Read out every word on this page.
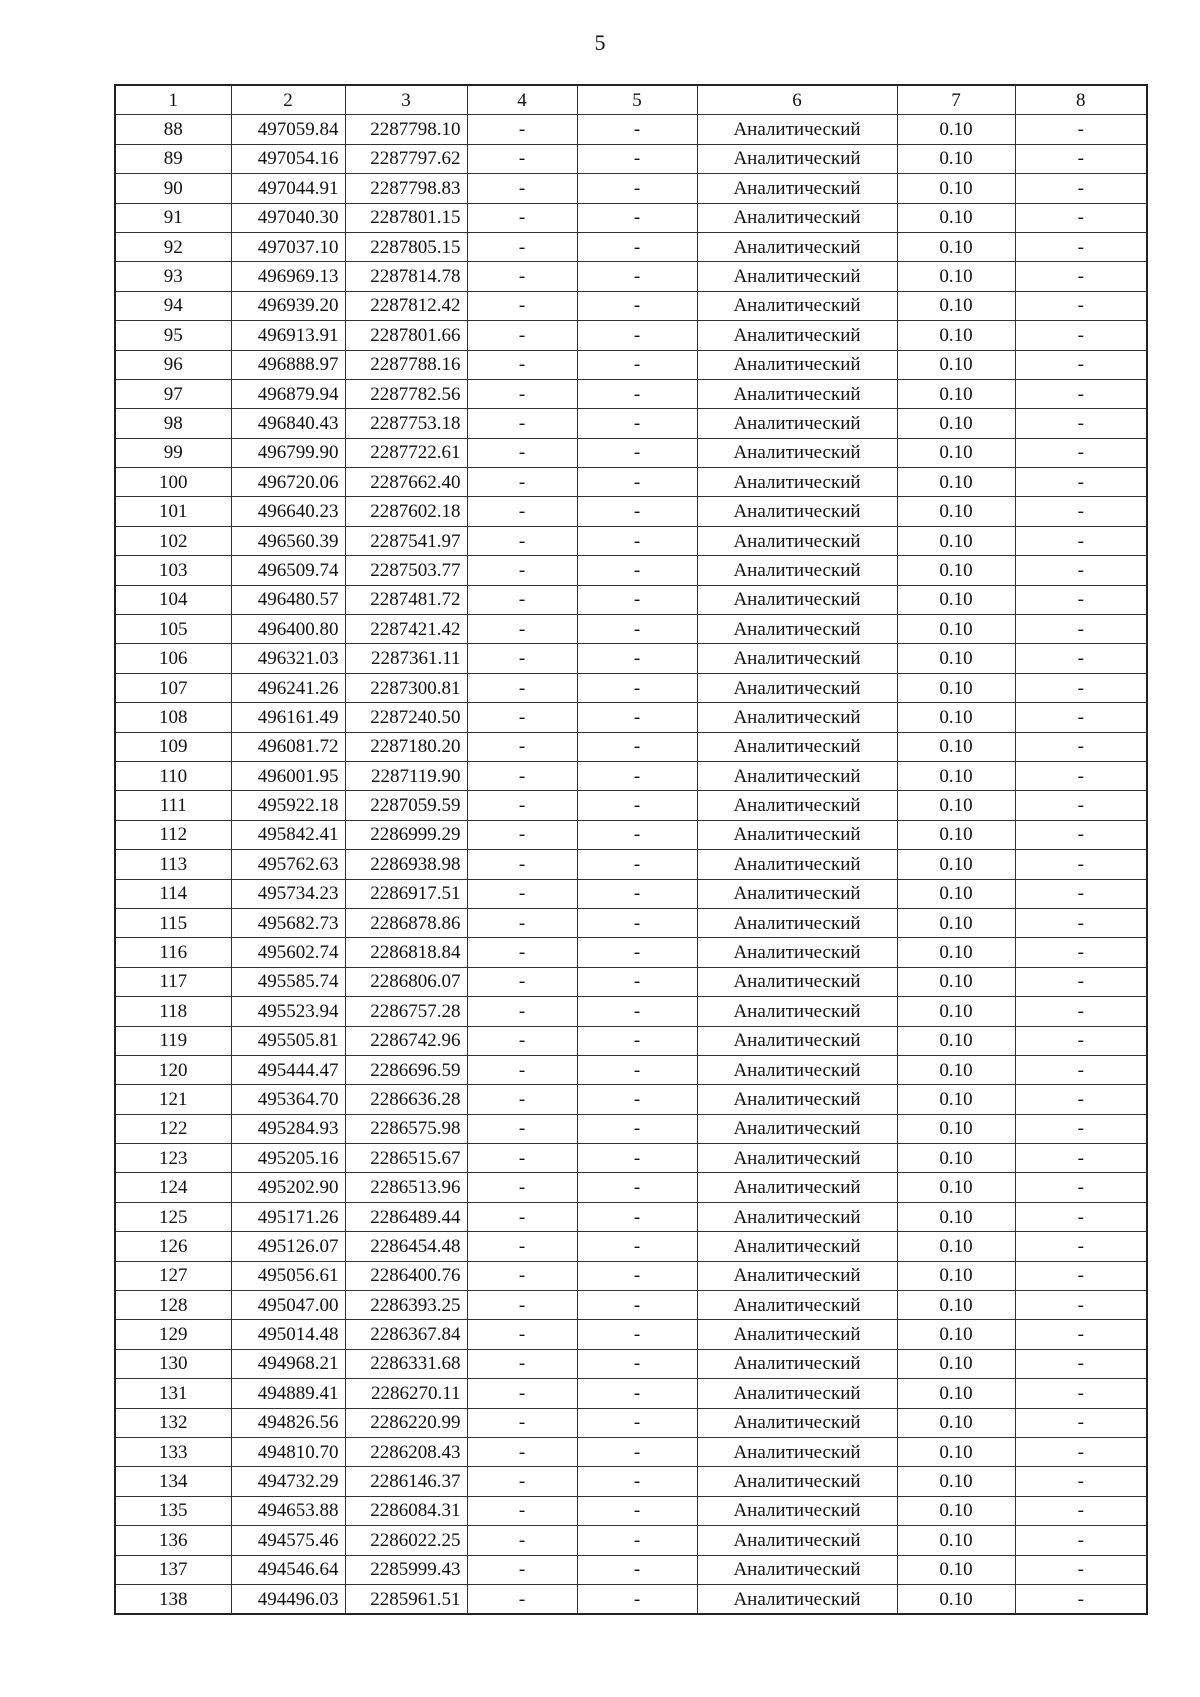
5
1	2	3	4	5	6	7	8
88	497059.84	2287798.10	-	-	Аналитический	0.10	-
89	497054.16	2287797.62	-	-	Аналитический	0.10	-
90	497044.91	2287798.83	-	-	Аналитический	0.10	-
91	497040.30	2287801.15	-	-	Аналитический	0.10	-
92	497037.10	2287805.15	-	-	Аналитический	0.10	-
93	496969.13	2287814.78	-	-	Аналитический	0.10	-
94	496939.20	2287812.42	-	-	Аналитический	0.10	-
95	496913.91	2287801.66	-	-	Аналитический	0.10	-
96	496888.97	2287788.16	-	-	Аналитический	0.10	-
97	496879.94	2287782.56	-	-	Аналитический	0.10	-
98	496840.43	2287753.18	-	-	Аналитический	0.10	-
99	496799.90	2287722.61	-	-	Аналитический	0.10	-
100	496720.06	2287662.40	-	-	Аналитический	0.10	-
101	496640.23	2287602.18	-	-	Аналитический	0.10	-
102	496560.39	2287541.97	-	-	Аналитический	0.10	-
103	496509.74	2287503.77	-	-	Аналитический	0.10	-
104	496480.57	2287481.72	-	-	Аналитический	0.10	-
105	496400.80	2287421.42	-	-	Аналитический	0.10	-
106	496321.03	2287361.11	-	-	Аналитический	0.10	-
107	496241.26	2287300.81	-	-	Аналитический	0.10	-
108	496161.49	2287240.50	-	-	Аналитический	0.10	-
109	496081.72	2287180.20	-	-	Аналитический	0.10	-
110	496001.95	2287119.90	-	-	Аналитический	0.10	-
111	495922.18	2287059.59	-	-	Аналитический	0.10	-
112	495842.41	2286999.29	-	-	Аналитический	0.10	-
113	495762.63	2286938.98	-	-	Аналитический	0.10	-
114	495734.23	2286917.51	-	-	Аналитический	0.10	-
115	495682.73	2286878.86	-	-	Аналитический	0.10	-
116	495602.74	2286818.84	-	-	Аналитический	0.10	-
117	495585.74	2286806.07	-	-	Аналитический	0.10	-
118	495523.94	2286757.28	-	-	Аналитический	0.10	-
119	495505.81	2286742.96	-	-	Аналитический	0.10	-
120	495444.47	2286696.59	-	-	Аналитический	0.10	-
121	495364.70	2286636.28	-	-	Аналитический	0.10	-
122	495284.93	2286575.98	-	-	Аналитический	0.10	-
123	495205.16	2286515.67	-	-	Аналитический	0.10	-
124	495202.90	2286513.96	-	-	Аналитический	0.10	-
125	495171.26	2286489.44	-	-	Аналитический	0.10	-
126	495126.07	2286454.48	-	-	Аналитический	0.10	-
127	495056.61	2286400.76	-	-	Аналитический	0.10	-
128	495047.00	2286393.25	-	-	Аналитический	0.10	-
129	495014.48	2286367.84	-	-	Аналитический	0.10	-
130	494968.21	2286331.68	-	-	Аналитический	0.10	-
131	494889.41	2286270.11	-	-	Аналитический	0.10	-
132	494826.56	2286220.99	-	-	Аналитический	0.10	-
133	494810.70	2286208.43	-	-	Аналитический	0.10	-
134	494732.29	2286146.37	-	-	Аналитический	0.10	-
135	494653.88	2286084.31	-	-	Аналитический	0.10	-
136	494575.46	2286022.25	-	-	Аналитический	0.10	-
137	494546.64	2285999.43	-	-	Аналитический	0.10	-
138	494496.03	2285961.51	-	-	Аналитический	0.10	-
